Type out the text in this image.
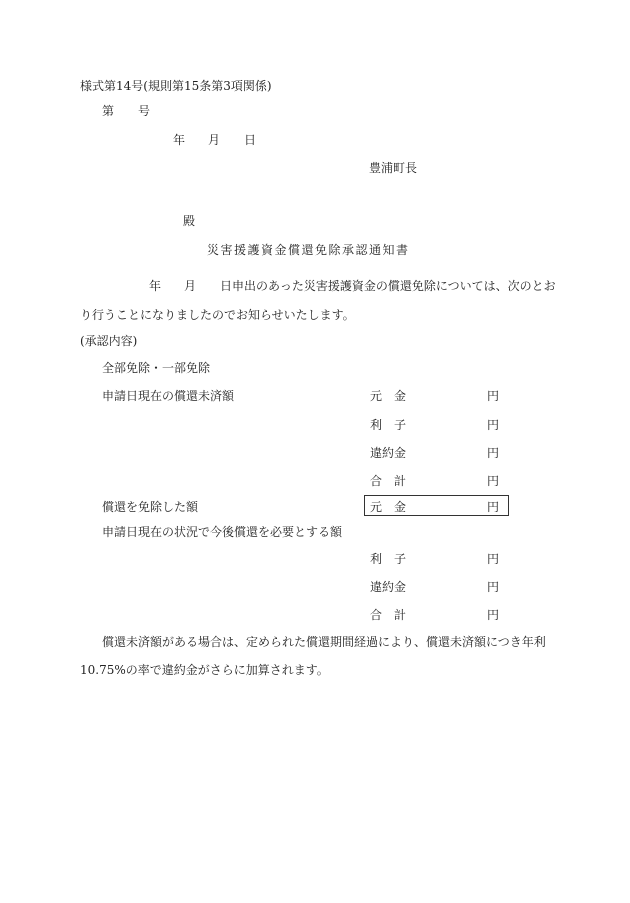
様式第14号(規則第15条第3項関係)
第 号
年 月 日
豊浦町長
殿
災害援護資金償還免除承認通知書
年 月 日申出のあった災害援護資金の償還免除については、次のとお
り行うことになりましたのでお知らせいたします。
(承認内容)
全部免除・一部免除
申請日現在の償還未済額	元　金	円
利　子	円
違約金	円
合　計	円
償還を免除した額	元　金	円
申請日現在の状況で今後償還を必要とする額
利　子	円
違約金	円
合　計	円
償還未済額がある場合は、定められた償還期間経過により、償還未済額につき年利
10.75%の率で違約金がさらに加算されます。
